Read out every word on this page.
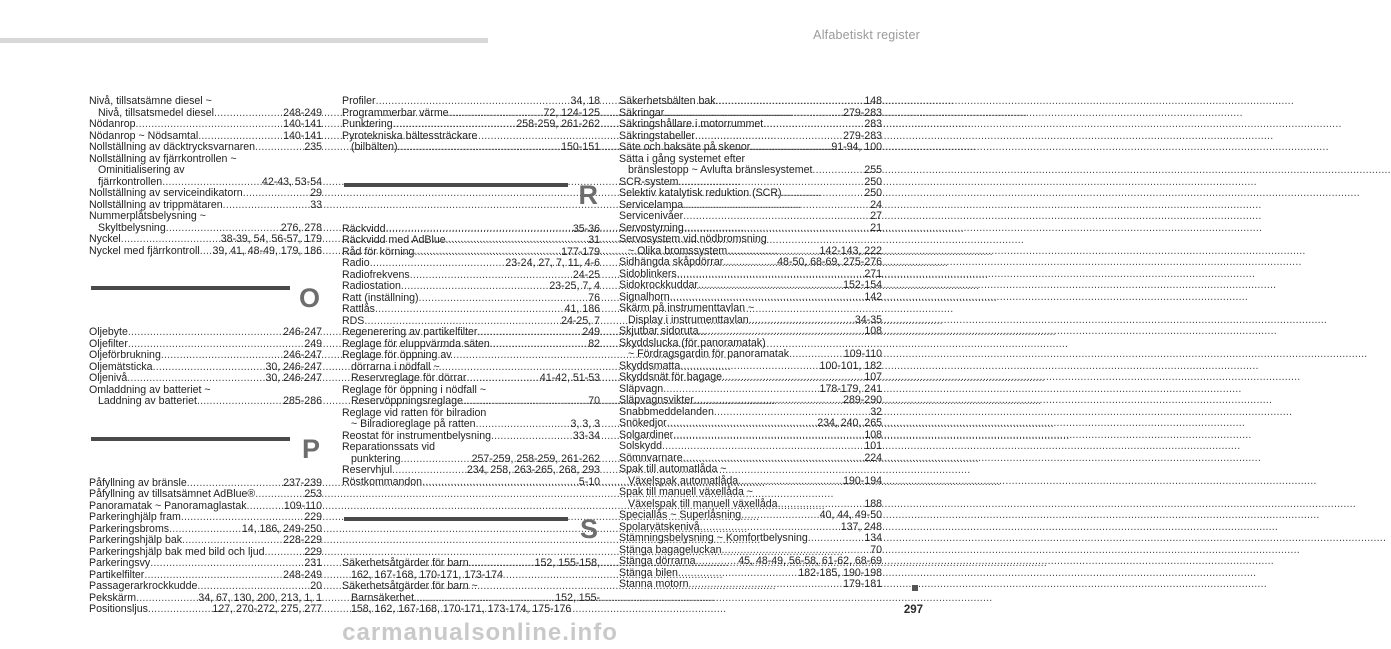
Alfabetiskt register
Nivå, tillsatsämne diesel ~
Nivå, tillsatsmedel diesel .....	248-249
Nödanrop .....	140-141
Nödanrop ~ Nödsamtal .....	140-141
Nollställning av däcktrycksvarnaren .....	235
Nollställning av fjärrkontrollen ~
Ominitialisering av
fjärrkontrollen .....	42-43, 53-54
Nollställning av serviceindikatorn .....	29
Nollställning av trippmätaren .....	33
Nummerplåtsbelysning ~
Skyltbelysning .....	276, 278
Nyckel .....	38-39, 54, 56-57, 179
Nyckel med fjärrkontroll ..... 39, 41, 48-49, 179, 186
O
Oljebyte .....	246-247
Oljefilter .....	249
Oljeförbrukning .....	246-247
Oljemätsticka .....	30, 246-247
Oljenivå .....	30, 246-247
Omladdning av batteriet ~
Laddning av batteriet .....	285-286
P
Påfyllning av bränsle .....	237-239
Påfyllning av tillsatsämnet AdBlue® .....	253
Panoramatak ~ Panoramaglastak .....	109-110
Parkeringhjälp fram .....	229
Parkeringsbroms .....	14, 186, 249-250
Parkeringshjälp bak .....	228-229
Parkeringshjälp bak med bild och ljud .....	229
Parkeringsvy .....	231
Partikelfilter .....	248-249
Passagerarkrockkudde .....	20
Pekskärm .....	34, 67, 130, 200, 213, 1, 1
Positionsljus .....	127, 270-272, 275, 277
Profiler .....	34, 18
Programmerbar värme .....	72, 124-125
Punktering .....	258-259, 261-262
Pyrotekniska bältessträckare
(bilbälten) .....	150-151
R
Räckvidd .....	35-36
Räckvidd med AdBlue .....	31
Råd för körning .....	177-179
Radio .....	23-24, 27, 7, 11, 4-6
Radiofrekvens .....	24-25
Radiostation .....	23-25, 7, 4
Ratt (inställning) .....	76
Rattlås .....	41, 186
RDS .....	24-25, 7
Regenerering av partikelfilter .....	249
Reglage för eluppvärmda säten .....	82
Reglage för öppning av
dörrarna i nödfall ~
Reservreglage för dörrar .....	41-42, 51-53
Reglage för öppning i nödfall ~
Reservöppningsreglage .....	70
Reglage vid ratten för bilradion
~ Bilradioreglage på ratten .....	3, 3, 3
Reostat för instrumentbelysning .....	33-34
Reparationssats vid
punktering .....	257-259, 258-259, 261-262
Reservhjul .....	234, 258, 263-265, 268, 293
Röstkommandon .....	5-10
S
Säkerhetsåtgärder för barn .....	152, 155-158,
162, 167-168, 170-171, 173-174
Säkerhetsåtgärder för barn ~
Barnsäkerhet .....	152, 155-
158, 162, 167-168, 170-171, 173-174, 175-176
Säkerhetsbälten bak .....	148
Säkringar .....	279-283
Säkringshållare i motorrummet .....	283
Säkringstabeller .....	279-283
Säte och baksäte på skenor .....	91-94, 100
Sätta i gång systemet efter
bränslestopp ~ Avlufta bränslesystemet .....	255
SCR-system .....	250
Selektiv katalytisk reduktion (SCR) .....	250
Servicelampa .....	24
Servicenivåer .....	27
Servostyrning .....	21
Servosystem vid nödbromsning
~ Olika bromssystem .....	142-143, 222
Sidhängda skåpdörrar .....	48-50, 68-69, 275-276
Sidoblinkers .....	271
Sidokrockkuddar .....	152-154
Signalhorn .....	142
Skärm på instrumenttavlan ~
Display i instrumenttavlan .....	34-35
Skjutbar sidoruta .....	108
Skyddslucka (för panoramatak)
~ Fördragsgardin för panoramatak .....	109-110
Skyddsmatta .....	100-101, 182
Skyddsnät för bagage .....	107
Släpvagn .....	178-179, 241
Släpvagnsvikter .....	289-290
Snabbmeddelanden .....	32
Snökedjor .....	234, 240, 265
Solgardiner .....	108
Solskydd .....	101
Sömnvarnare .....	224
Spak till automatlåda ~
Växelspak automatlåda .....	190-194
Spak till manuell växellåda ~
Växelspak till manuell växellåda .....	188
Speciallås ~ Superlåsning .....	40, 44, 49-50
Spolarvätskenivå .....	137, 248
Stämningsbelysning ~ Komfortbelysning .....	134
Stänga bagageluckan .....	70
Stänga dörrarna .....	45, 48-49, 56-58, 61-62, 68-69
Stänga bilen .....	182-185, 190-198
Stanna motorn .....	179-181
297
carmanualsonline.info
